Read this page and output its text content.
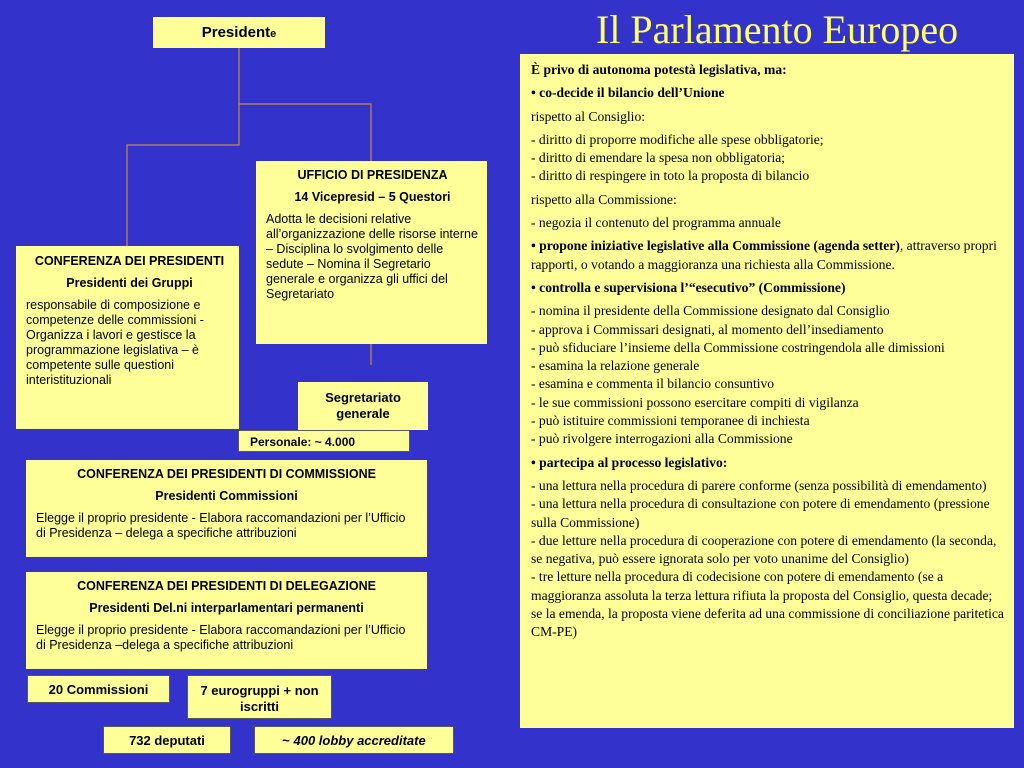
Il Parlamento Europeo
Presidente

UFFICIO DI PRESIDENZA

14 Vicepresid – 5 Questori

Adotta le decisioni relative all’organizzazione delle risorse interne – Disciplina lo svolgimento delle sedute – Nomina il Segretario generale e organizza gli uffici del Segretariato

CONFERENZA DEI PRESIDENTI

Presidenti dei Gruppi

responsabile di composizione e competenze delle commissioni - Organizza i lavori e gestisce la programmazione legislativa – è competente sulle questioni interistituzionali

Segretariato generale
Personale: ~ 4.000

CONFERENZA DEI PRESIDENTI DI COMMISSIONE

Presidenti Commissioni

Elegge il proprio presidente - Elabora raccomandazioni per l’Ufficio di Presidenza – delega a specifiche attribuzioni

CONFERENZA DEI PRESIDENTI DI DELEGAZIONE

Presidenti Del.ni interparlamentari permanenti

Elegge il proprio presidente - Elabora raccomandazioni per l’Ufficio di Presidenza –delega a specifiche attribuzioni

20 Commissioni	7 eurogruppi + non iscritti
732 deputati	~ 400 lobby accreditate

È privo di autonoma potestà legislativa, ma:

• co-decide il bilancio dell’Unione

rispetto al Consiglio:

- diritto di proporre modifiche alle spese obbligatorie;

- diritto di emendare la spesa non obbligatoria;

- diritto di respingere in toto la proposta di bilancio

rispetto alla Commissione:

- negozia il contenuto del programma annuale

• propone iniziative legislative alla Commissione (agenda setter), attraverso propri rapporti, o votando a maggioranza una richiesta alla Commissione.

• controlla e supervisiona l’“esecutivo” (Commissione)

- nomina il presidente della Commissione designato dal Consiglio

- approva i Commissari designati, al momento dell’insediamento

- può sfiduciare l’insieme della Commissione costringendola alle dimissioni

- esamina la relazione generale

- esamina e commenta il bilancio consuntivo

- le sue commissioni possono esercitare compiti di vigilanza

- può istituire commissioni temporanee di inchiesta

- può rivolgere interrogazioni alla Commissione

• partecipa al processo legislativo:

- una lettura nella procedura di parere conforme (senza possibilità di emendamento)

- una lettura nella procedura di consultazione con potere di emendamento (pressione sulla Commissione)

- due letture nella procedura di cooperazione con potere di emendamento (la seconda, se negativa, può essere ignorata solo per voto unanime del Consiglio)

- tre letture nella procedura di codecisione con potere di emendamento (se a maggioranza assoluta la terza lettura rifiuta la proposta del Consiglio, questa decade; se la emenda, la proposta viene deferita ad una commissione di conciliazione paritetica CM-PE)
